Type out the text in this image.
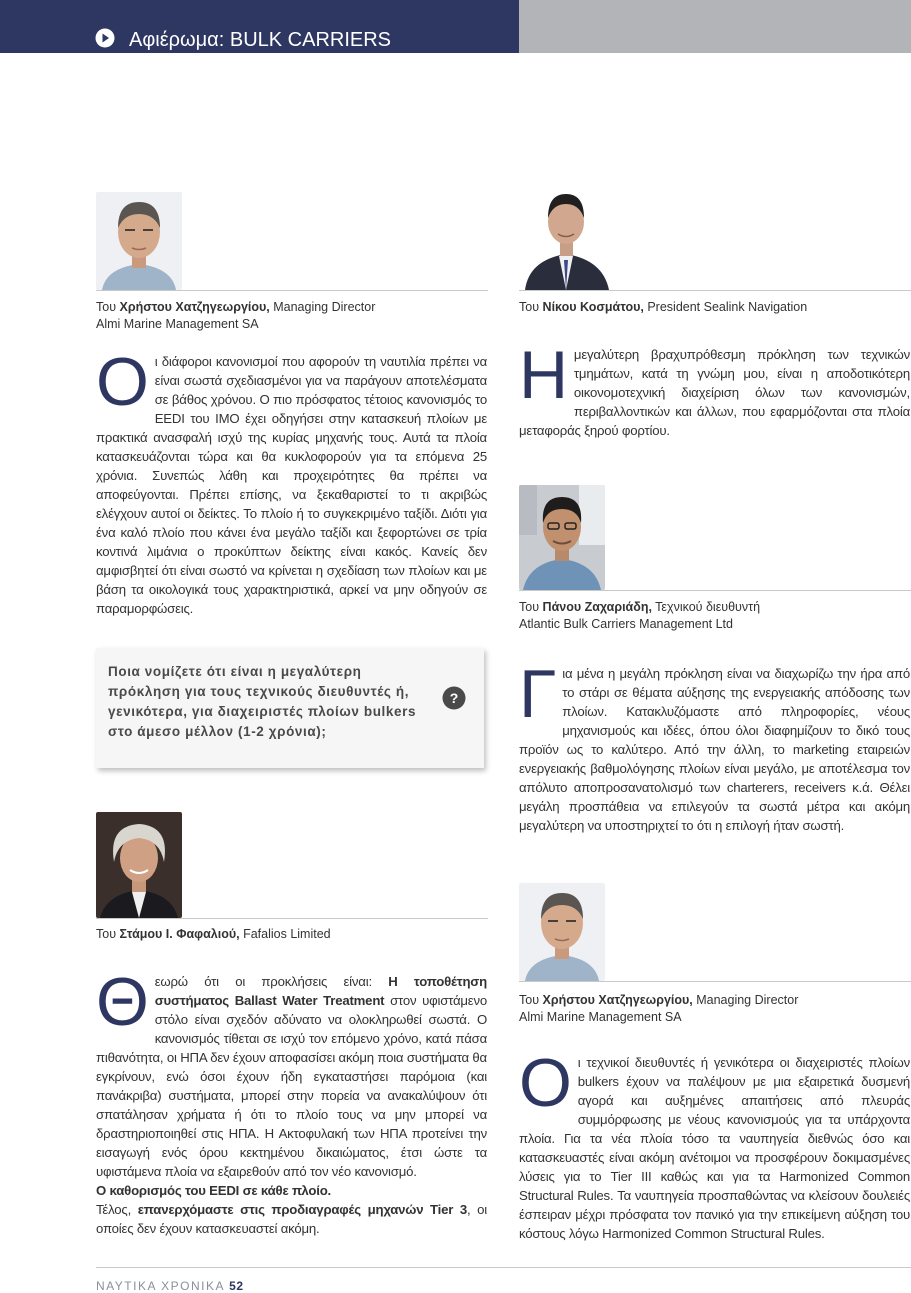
Αφιέρωμα: BULK CARRIERS
Του Χρήστου Χατζηγεωργίου, Managing Director
Almi Marine Management SA

Οι διάφοροι κανονισμοί που αφορούν τη ναυτιλία πρέπει να είναι σωστά σχεδιασμένοι για να παράγουν αποτελέσματα σε βάθος χρόνου. Ο πιο πρόσφατος τέτοιος κανονισμός το EEDI του IMO έχει οδηγήσει στην κατασκευή πλοίων με πρακτικά ανασφαλή ισχύ της κυρίας μηχανής τους. Αυτά τα πλοία κατασκευάζονται τώρα και θα κυκλοφορούν για τα επόμενα 25 χρόνια. Συνεπώς λάθη και προχειρότητες θα πρέπει να αποφεύγονται. Πρέπει επίσης, να ξεκαθαριστεί το τι ακριβώς ελέγχουν αυτοί οι δείκτες. Το πλοίο ή το συγκεκριμένο ταξίδι. Διότι για ένα καλό πλοίο που κάνει ένα μεγάλο ταξίδι και ξεφορτώνει σε τρία κοντινά λιμάνια ο προκύπτων δείκτης είναι κακός. Κανείς δεν αμφισβητεί ότι είναι σωστό να κρίνεται η σχεδίαση των πλοίων και με βάση τα οικολογικά τους χαρακτηριστικά, αρκεί να μην οδηγούν σε παραμορφώσεις.

Του Νίκου Κοσμάτου, President Sealink Navigation

Ημεγαλύτερη βραχυπρόθεσμη πρόκληση των τεχνικών τμημάτων, κατά τη γνώμη μου, είναι η αποδοτικότερη οικονομοτεχνική διαχείριση όλων των κανονισμών, περιβαλλοντικών και άλλων, που εφαρμόζονται στα πλοία μεταφοράς ξηρού φορτίου.

Του Πάνου Ζαχαριάδη, Τεχνικού διευθυντή
Atlantic Bulk Carriers Management Ltd

Για μένα η μεγάλη πρόκληση είναι να διαχωρίζω την ήρα από το στάρι σε θέματα αύξησης της ενεργειακής απόδοσης των πλοίων. Κατακλυζόμαστε από πληροφορίες, νέους μηχανισμούς και ιδέες, όπου όλοι διαφημίζουν το δικό τους προϊόν ως το καλύτερο. Από την άλλη, το marketing εταιρειών ενεργειακής βαθμολόγησης πλοίων είναι μεγάλο, με αποτέλεσμα τον απόλυτο αποπροσανατολισμό των charterers, receivers κ.ά. Θέλει μεγάλη προσπάθεια να επιλεγούν τα σωστά μέτρα και ακόμη μεγαλύτερη να υποστηριχτεί το ότι η επιλογή ήταν σωστή.

Ποια νομίζετε ότι είναι η μεγαλύτερη πρόκληση για τους τεχνικούς διευθυντές ή, γενικότερα, για διαχειριστές πλοίων bulkers στο άμεσο μέλλον (1-2 χρόνια);
?
Του Στάμου Ι. Φαφαλιού, Fafalios Limited

Θεωρώ ότι οι προκλήσεις είναι: Η τοποθέτηση συστήματος Ballast Water Treatment στον υφιστάμενο στόλο είναι σχεδόν αδύνατο να ολοκληρωθεί σωστά. Ο κανονισμός τίθεται σε ισχύ τον επόμενο χρόνο, κατά πάσα πιθανότητα, οι ΗΠΑ δεν έχουν αποφασίσει ακόμη ποια συστήματα θα εγκρίνουν, ενώ όσοι έχουν ήδη εγκαταστήσει παρόμοια (και πανάκριβα) συστήματα, μπορεί στην πορεία να ανακαλύψουν ότι σπατάλησαν χρήματα ή ότι το πλοίο τους να μην μπορεί να δραστηριοποιηθεί στις ΗΠΑ. Η Ακτοφυλακή των ΗΠΑ προτείνει την εισαγωγή ενός όρου κεκτημένου δικαιώματος, έτσι ώστε τα υφιστάμενα πλοία να εξαιρεθούν από τον νέο κανονισμό.
Ο καθορισμός του EEDI σε κάθε πλοίο.
Τέλος, επανερχόμαστε στις προδιαγραφές μηχανών Tier 3, οι οποίες δεν έχουν κατασκευαστεί ακόμη.

Του Χρήστου Χατζηγεωργίου, Managing Director
Almi Marine Management SA

Οι τεχνικοί διευθυντές ή γενικότερα οι διαχειριστές πλοίων bulkers έχουν να παλέψουν με μια εξαιρετικά δυσμενή αγορά και αυξημένες απαιτήσεις από πλευράς συμμόρφωσης με νέους κανονισμούς για τα υπάρχοντα πλοία. Για τα νέα πλοία τόσο τα ναυπηγεία διεθνώς όσο και κατασκευαστές είναι ακόμη ανέτοιμοι να προσφέρουν δοκιμασμένες λύσεις για το Tier III καθώς και για τα Harmonized Common Structural Rules. Τα ναυπηγεία προσπαθώντας να κλείσουν δουλειές έσπειραν μέχρι πρόσφατα τον πανικό για την επικείμενη αύξηση του κόστους λόγω Harmonized Common Structural Rules.

ΝΑΥΤΙΚΑ ΧΡΟΝΙΚΑ 52
